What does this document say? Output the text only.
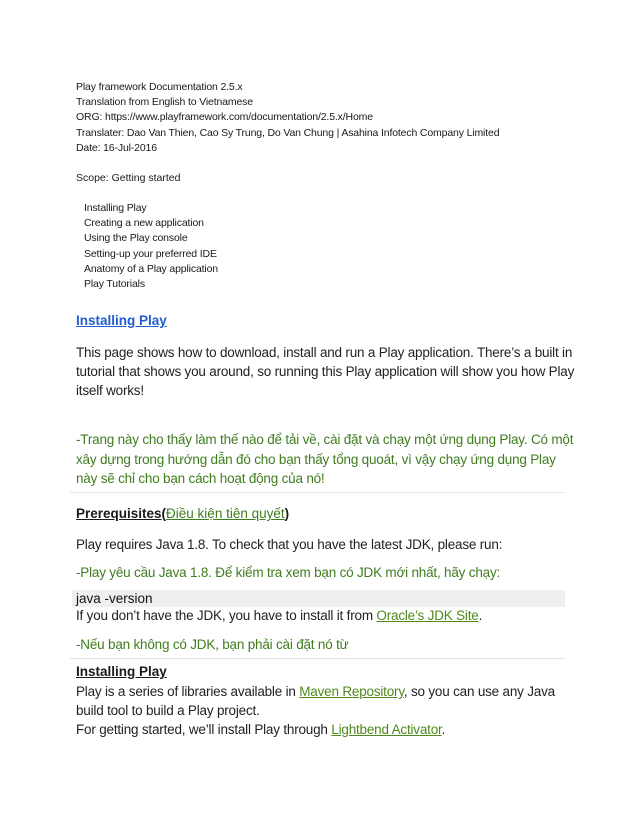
Play framework Documentation 2.5.x
Translation from English to Vietnamese
ORG: https://www.playframework.com/documentation/2.5.x/Home
Translater: Dao Van Thien, Cao Sy Trung, Do Van Chung | Asahina Infotech Company Limited
Date: 16-Jul-2016
Scope: Getting started
Installing Play
Creating a new application
Using the Play console
Setting-up your preferred IDE
Anatomy of a Play application
Play Tutorials
Installing Play
This page shows how to download, install and run a Play application. There’s a built in tutorial that shows you around, so running this Play application will show you how Play itself works!
-Trang này cho thấy làm thế nào để tải về, cài đặt và chạy một ứng dụng Play. Có một xây dựng trong hướng dẫn đó cho bạn thấy tổng quoát, vì vậy chạy ứng dụng Play này sẽ chỉ cho bạn cách hoạt động của nó!
Prerequisites(Điều kiện tiên quyết)
Play requires Java 1.8. To check that you have the latest JDK, please run:
-Play yêu cầu Java 1.8. Để kiểm tra xem bạn có JDK mới nhất, hãy chạy:
java -version
If you don’t have the JDK, you have to install it from Oracle’s JDK Site.
-Nếu bạn không có JDK, bạn phải cài đặt nó từ
Installing Play
Play is a series of libraries available in Maven Repository, so you can use any Java build tool to build a Play project.
For getting started, we’ll install Play through Lightbend Activator.
